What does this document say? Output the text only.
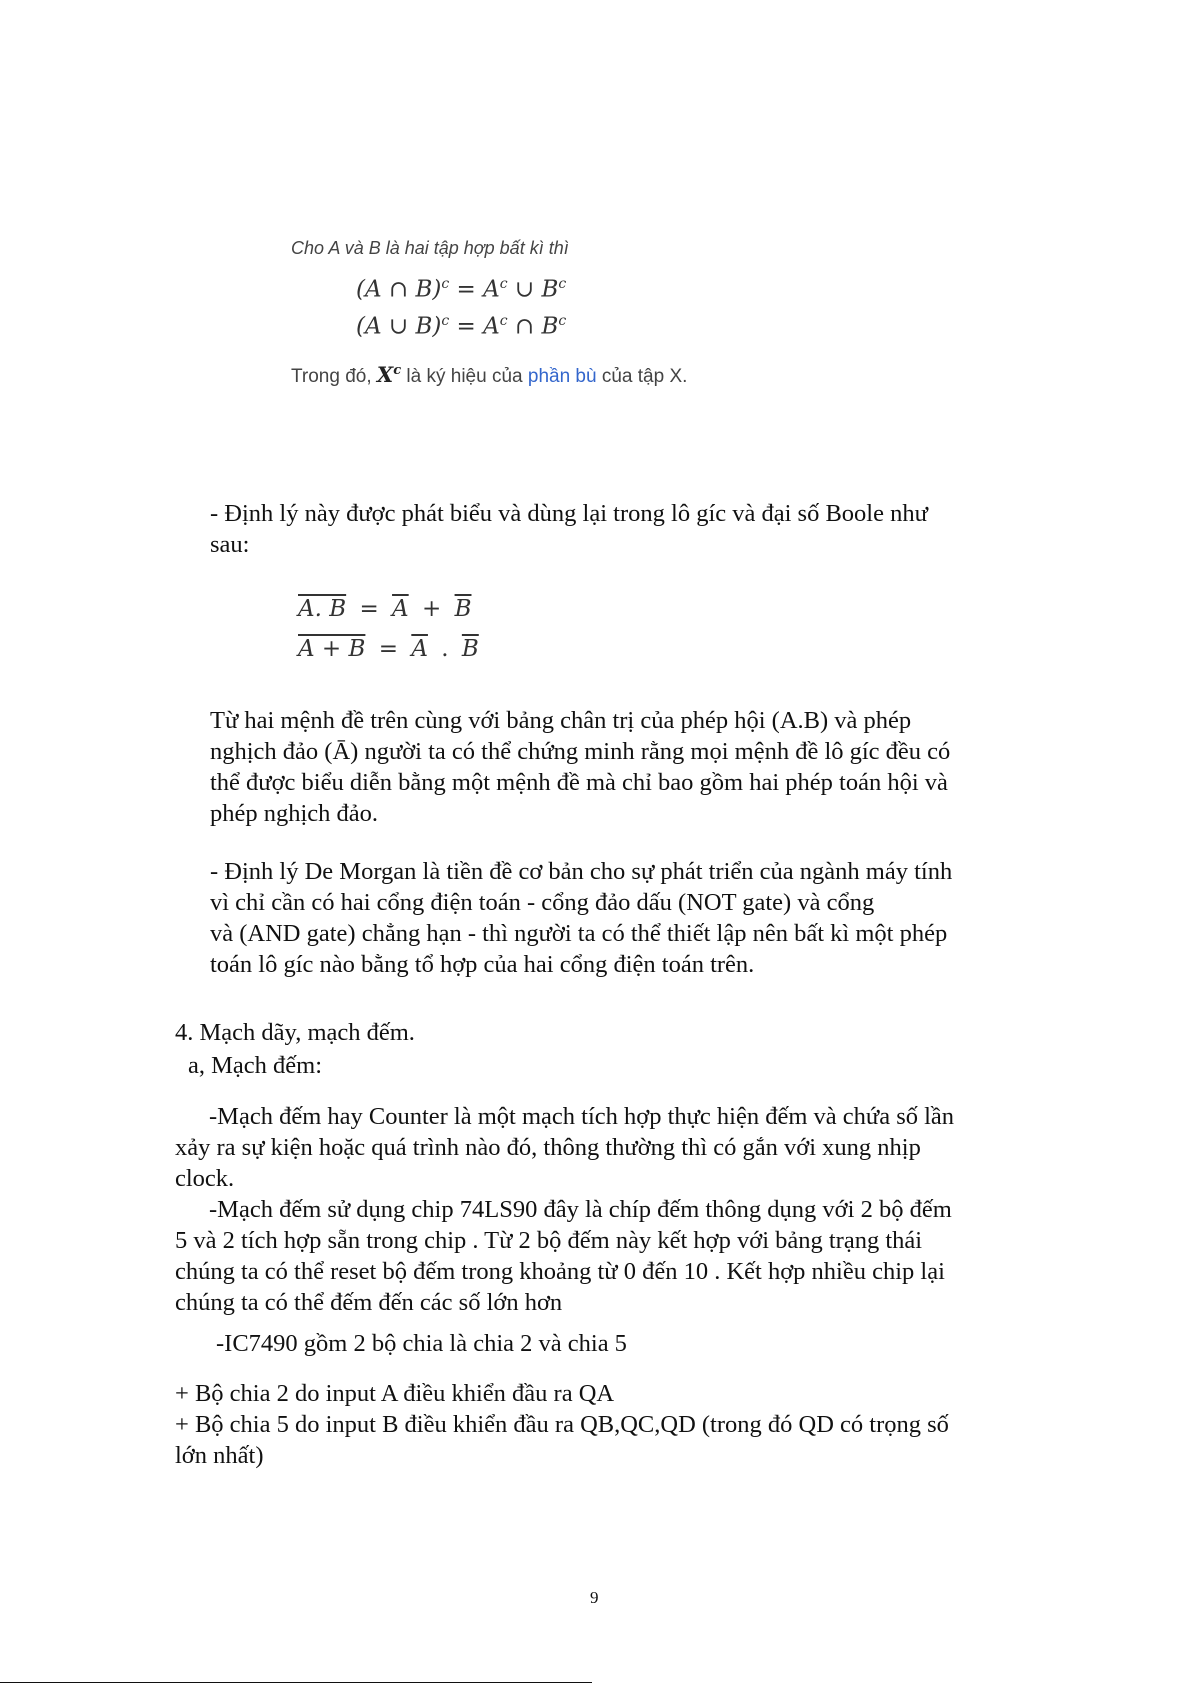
Cho A và B là hai tập hợp bất kì thì
(A ∩ $B)^c = A^c$ ∪ $B^c$
(A ∪ $B)^c = A^c$ ∩ $B^c$
Trong đó, $X^c$ là ký hiệu của phần bù của tập X.
- Định lý này được phát biểu và dùng lại trong lô gíc và đại số Boole như
sau:
A. $B = \overline{A} + \overline{B}$
$A + B = \overline{A}$ . $\overline{B}$
Từ hai mệnh đề trên cùng với bảng chân trị của phép hội (A.B) và phép
nghịch đảo (Ā) người ta có thể chứng minh rằng mọi mệnh đề lô gíc đều có
thể được biểu diễn bằng một mệnh đề mà chỉ bao gồm hai phép toán hội và
phép nghịch đảo.
- Định lý De Morgan là tiền đề cơ bản cho sự phát triển của ngành máy tính
vì chỉ cần có hai cổng điện toán - cổng đảo dấu (NOT gate) và cổng
và (AND gate) chẳng hạn - thì người ta có thể thiết lập nên bất kì một phép
toán lô gíc nào bằng tổ hợp của hai cổng điện toán trên.
4. Mạch dãy, mạch đếm.
a, Mạch đếm:
-Mạch đếm hay Counter là một mạch tích hợp thực hiện đếm và chứa số lần
xảy ra sự kiện hoặc quá trình nào đó, thông thường thì có gắn với xung nhịp
clock.
-Mạch đếm sử dụng chip 74LS90 đây là chíp đếm thông dụng với 2 bộ đếm
5 và 2 tích hợp sẵn trong chip . Từ 2 bộ đếm này kết hợp với bảng trạng thái
chúng ta có thể reset bộ đếm trong khoảng từ 0 đến 10 . Kết hợp nhiều chip lại
chúng ta có thể đếm đến các số lớn hơn
-IC7490 gồm 2 bộ chia là chia 2 và chia 5
+ Bộ chia 2 do input A điều khiển đầu ra QA
+ Bộ chia 5 do input B điều khiển đầu ra QB,QC,QD (trong đó QD có trọng số
lớn nhất)
9
